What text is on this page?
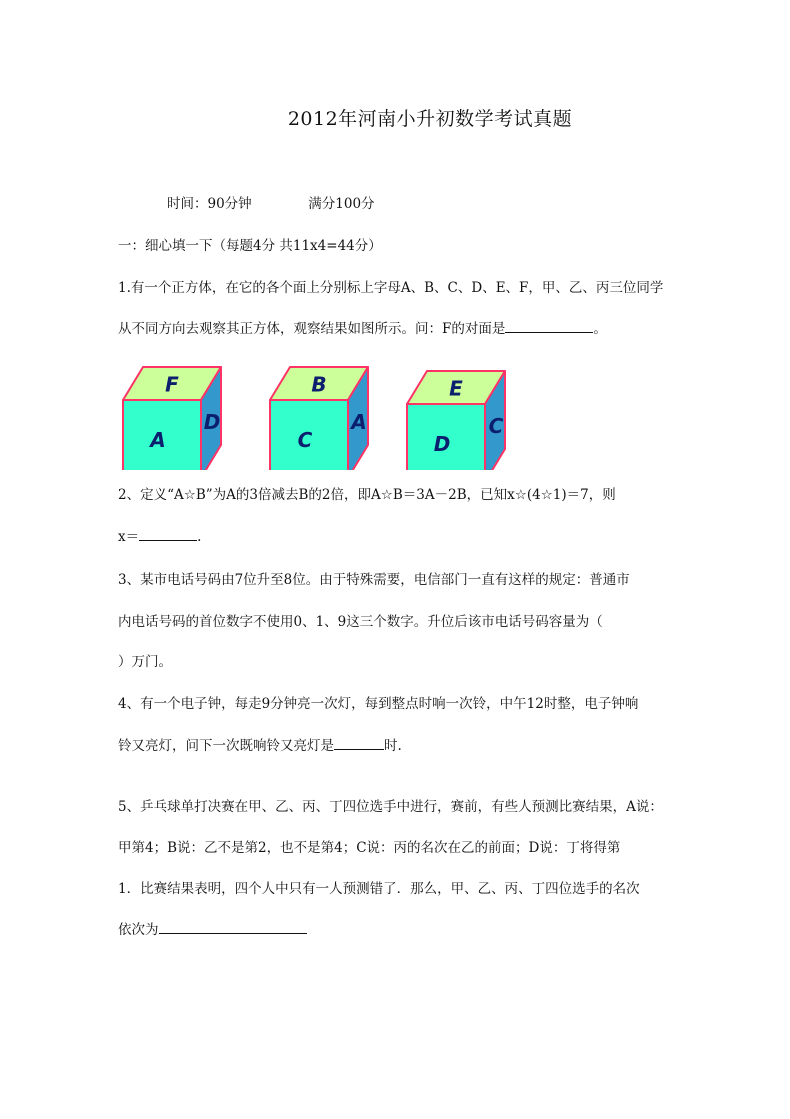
2012年河南小升初数学考试真题
时间：90分钟	满分100分
一：细心填一下（每题4分 共11x4=44分）
1.有一个正方体，在它的各个面上分别标上字母A、B、C、D、E、F，甲、乙、丙三位同学
从不同方向去观察其正方体，观察结果如图所示。问：F的对面是	。
F
A
D
B
C
A
E
D
C
2、定义“A☆B”为A的3倍减去B的2倍，即A☆B＝3A－2B，已知x☆(4☆1)＝7，则
x＝	.
3、某市电话号码由7位升至8位。由于特殊需要，电信部门一直有这样的规定：普通市
内电话号码的首位数字不使用0、1、9这三个数字。升位后该市电话号码容量为（
）万门。
4、有一个电子钟，每走9分钟亮一次灯，每到整点时响一次铃，中午12时整，电子钟响
铃又亮灯，问下一次既响铃又亮灯是	时.
5、乒乓球单打决赛在甲、乙、丙、丁四位选手中进行，赛前，有些人预测比赛结果，A说：
甲第4；B说：乙不是第2，也不是第4；C说：丙的名次在乙的前面；D说：丁将得第
1．比赛结果表明，四个人中只有一人预测错了．那么，甲、乙、丙、丁四位选手的名次
依次为
